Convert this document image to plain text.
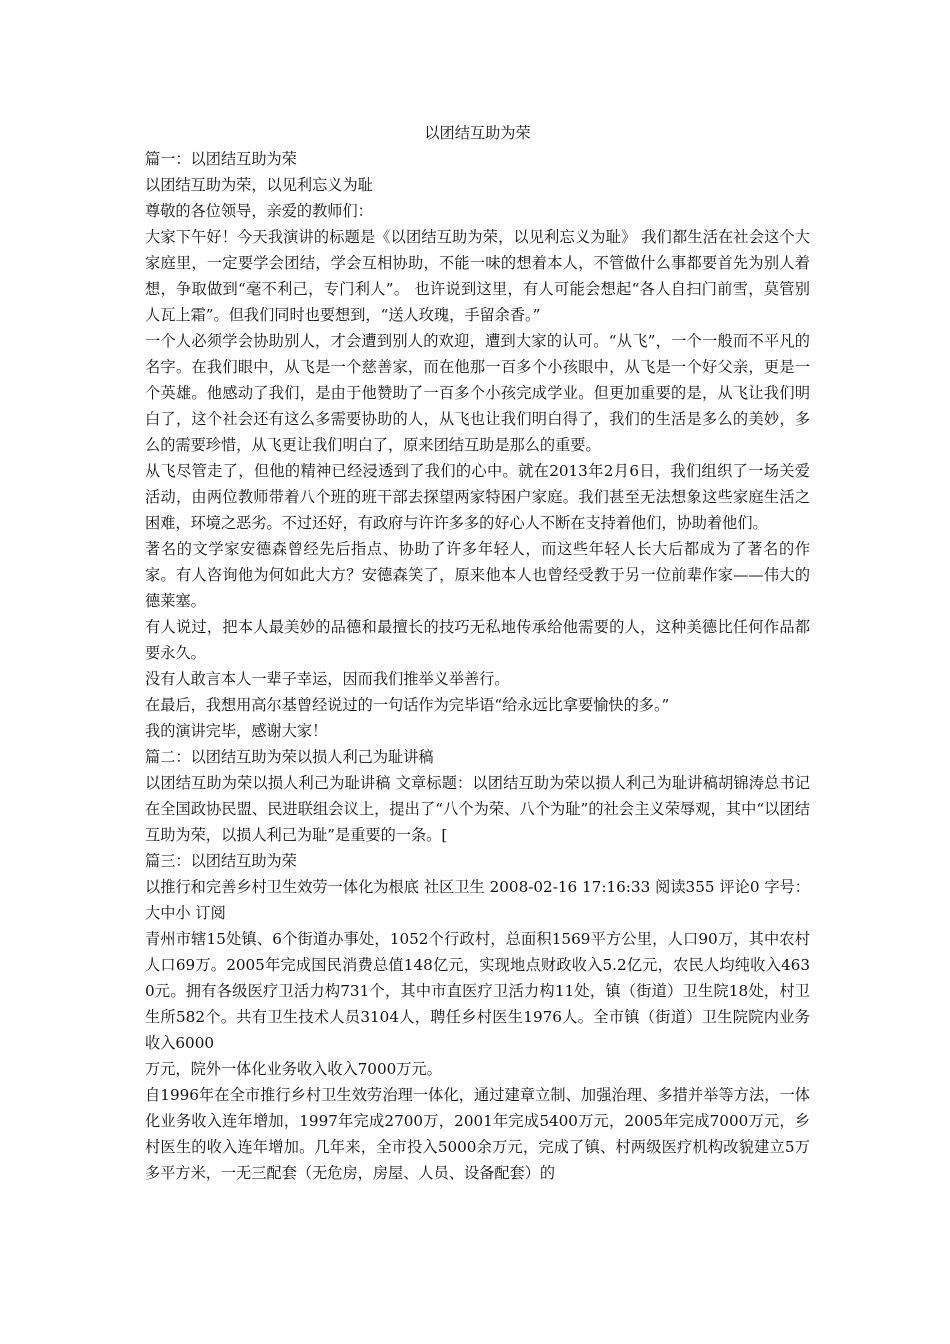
以团结互助为荣

篇一：以团结互助为荣

以团结互助为荣，以见利忘义为耻

尊敬的各位领导，亲爱的教师们：

大家下午好！今天我演讲的标题是《以团结互助为荣，以见利忘义为耻》 我们都生活在社会这个大家庭里，一定要学会团结，学会互相协助，不能一味的想着本人，不管做什么事都要首先为别人着想，争取做到“毫不利己，专门利人”。 也许说到这里，有人可能会想起“各人自扫门前雪，莫管别人瓦上霜”。但我们同时也要想到，“送人玫瑰，手留余香。”

一个人必须学会协助别人，才会遭到别人的欢迎，遭到大家的认可。“从飞”，一个一般而不平凡的名字。在我们眼中，从飞是一个慈善家，而在他那一百多个小孩眼中，从飞是一个好父亲，更是一个英雄。他感动了我们，是由于他赞助了一百多个小孩完成学业。但更加重要的是，从飞让我们明白了，这个社会还有这么多需要协助的人，从飞也让我们明白得了，我们的生活是多么的美妙，多么的需要珍惜，从飞更让我们明白了，原来团结互助是那么的重要。

从飞尽管走了，但他的精神已经浸透到了我们的心中。就在2013年2月6日，我们组织了一场关爱活动，由两位教师带着八个班的班干部去探望两家特困户家庭。我们甚至无法想象这些家庭生活之困难，环境之恶劣。不过还好，有政府与许许多多的好心人不断在支持着他们，协助着他们。

著名的文学家安德森曾经先后指点、协助了许多年轻人，而这些年轻人长大后都成为了著名的作家。有人咨询他为何如此大方？安德森笑了，原来他本人也曾经受教于另一位前辈作家——伟大的德莱塞。

有人说过，把本人最美妙的品德和最擅长的技巧无私地传承给他需要的人，这种美德比任何作品都要永久。

没有人敢言本人一辈子幸运，因而我们推举义举善行。

在最后，我想用高尔基曾经说过的一句话作为完毕语“给永远比拿要愉快的多。”

我的演讲完毕，感谢大家！

篇二：以团结互助为荣以损人利己为耻讲稿

以团结互助为荣以损人利己为耻讲稿 文章标题：以团结互助为荣以损人利己为耻讲稿胡锦涛总书记在全国政协民盟、民进联组会议上，提出了“八个为荣、八个为耻”的社会主义荣辱观，其中“以团结互助为荣，以损人利己为耻”是重要的一条。[

篇三：以团结互助为荣

以推行和完善乡村卫生效劳一体化为根底 社区卫生 2008-02-16 17:16:33 阅读355 评论0 字号：大中小 订阅

青州市辖15处镇、6个街道办事处，1052个行政村，总面积1569平方公里，人口90万，其中农村人口69万。2005年完成国民消费总值148亿元，实现地点财政收入5.2亿元，农民人均纯收入4630元。拥有各级医疗卫活力构731个，其中市直医疗卫活力构11处，镇（街道）卫生院18处，村卫生所582个。共有卫生技术人员3104人，聘任乡村医生1976人。全市镇（街道）卫生院院内业务收入6000

万元，院外一体化业务收入收入7000万元。

自1996年在全市推行乡村卫生效劳治理一体化，通过建章立制、加强治理、多措并举等方法，一体化业务收入连年增加，1997年完成2700万，2001年完成5400万元，2005年完成7000万元，乡村医生的收入连年增加。几年来，全市投入5000余万元，完成了镇、村两级医疗机构改貌建立5万多平方米，一无三配套（无危房，房屋、人员、设备配套）的
